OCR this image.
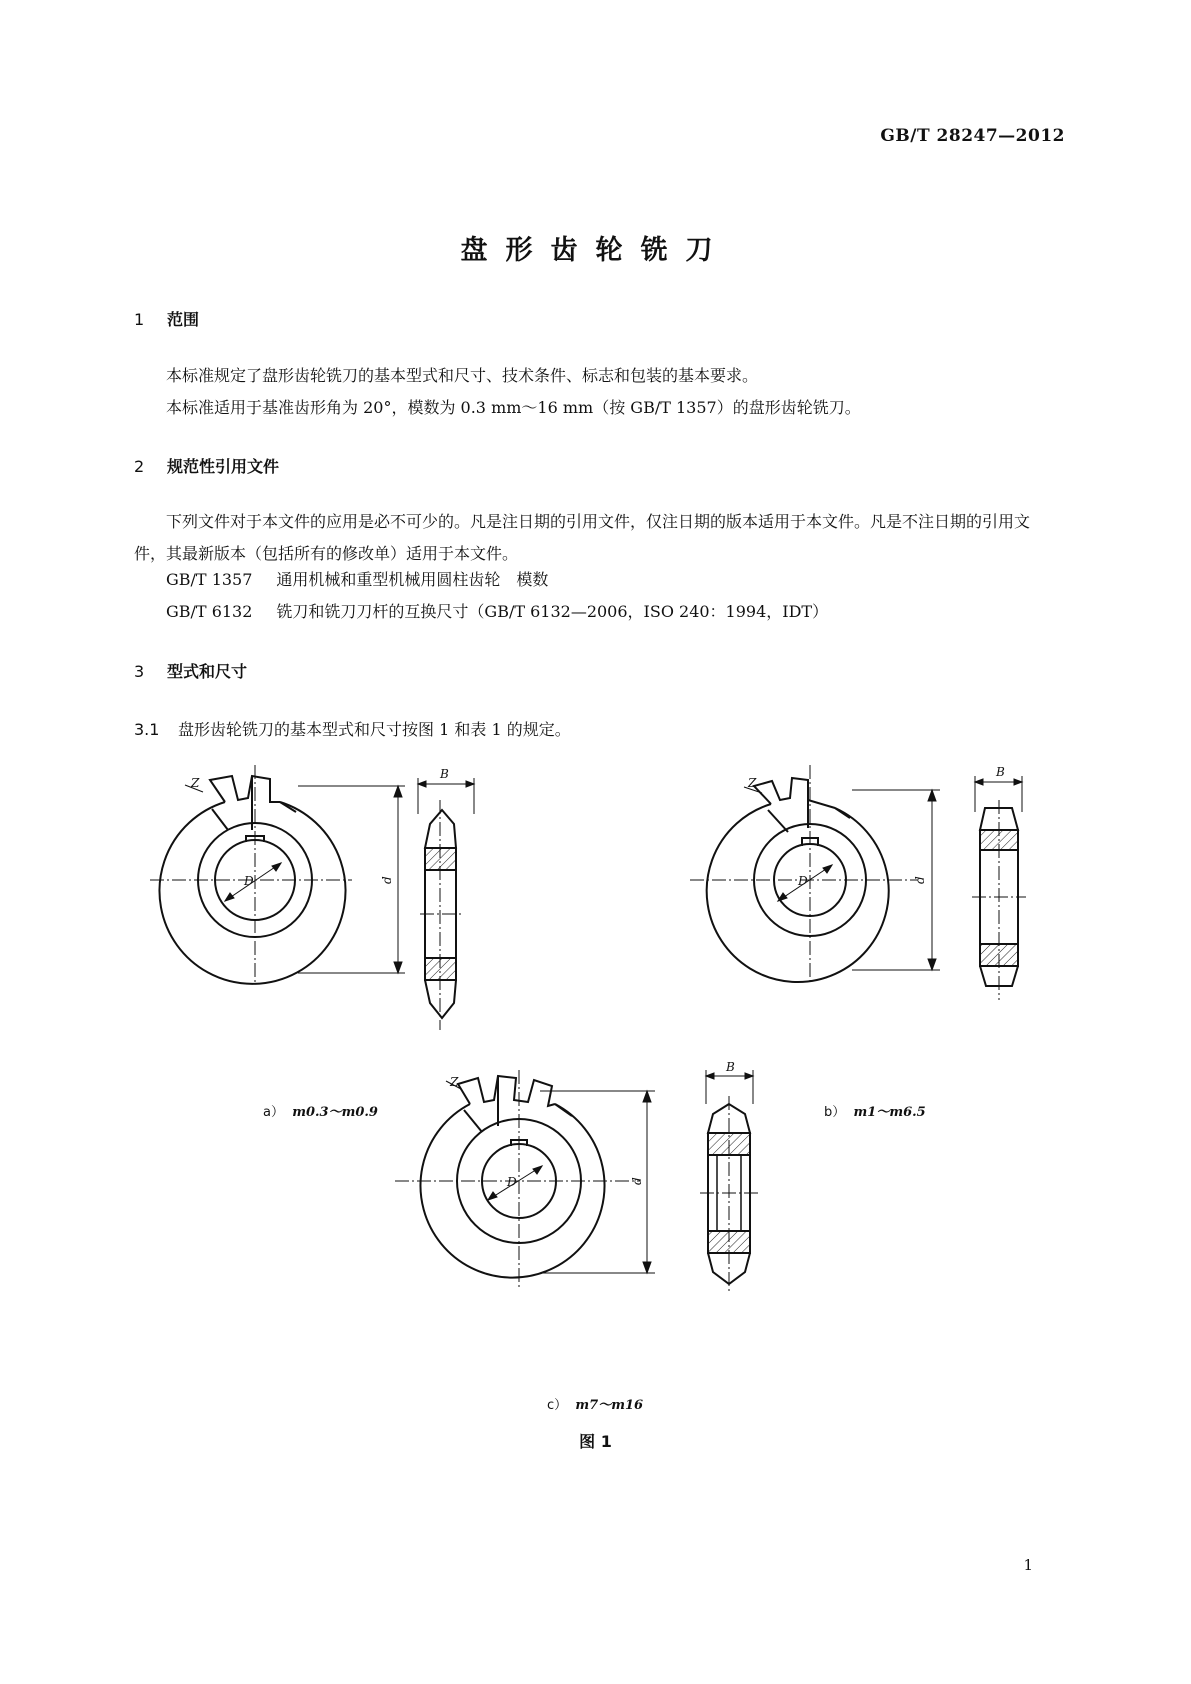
GB/T 28247—2012
盘形齿轮铣刀
1 范围

本标准规定了盘形齿轮铣刀的基本型式和尺寸、技术条件、标志和包装的基本要求。

本标准适用于基准齿形角为 20°，模数为 0.3 mm～16 mm（按 GB/T 1357）的盘形齿轮铣刀。

2 规范性引用文件

下列文件对于本文件的应用是必不可少的。凡是注日期的引用文件，仅注日期的版本适用于本文件。凡是不注日期的引用文件，其最新版本（包括所有的修改单）适用于本文件。

GB/T 1357 通用机械和重型机械用圆柱齿轮　模数
GB/T 6132 铣刀和铣刀刀杆的互换尺寸（GB/T 6132—2006，ISO 240：1994，IDT）
3 型式和尺寸
3.1 盘形齿轮铣刀的基本型式和尺寸按图 1 和表 1 的规定。
Z
D	d
B
Z
D	d
B
Z
D	d
B
a） m0.3～m0.9	b） m1～m6.5
c） m7～m16
图 1
1
